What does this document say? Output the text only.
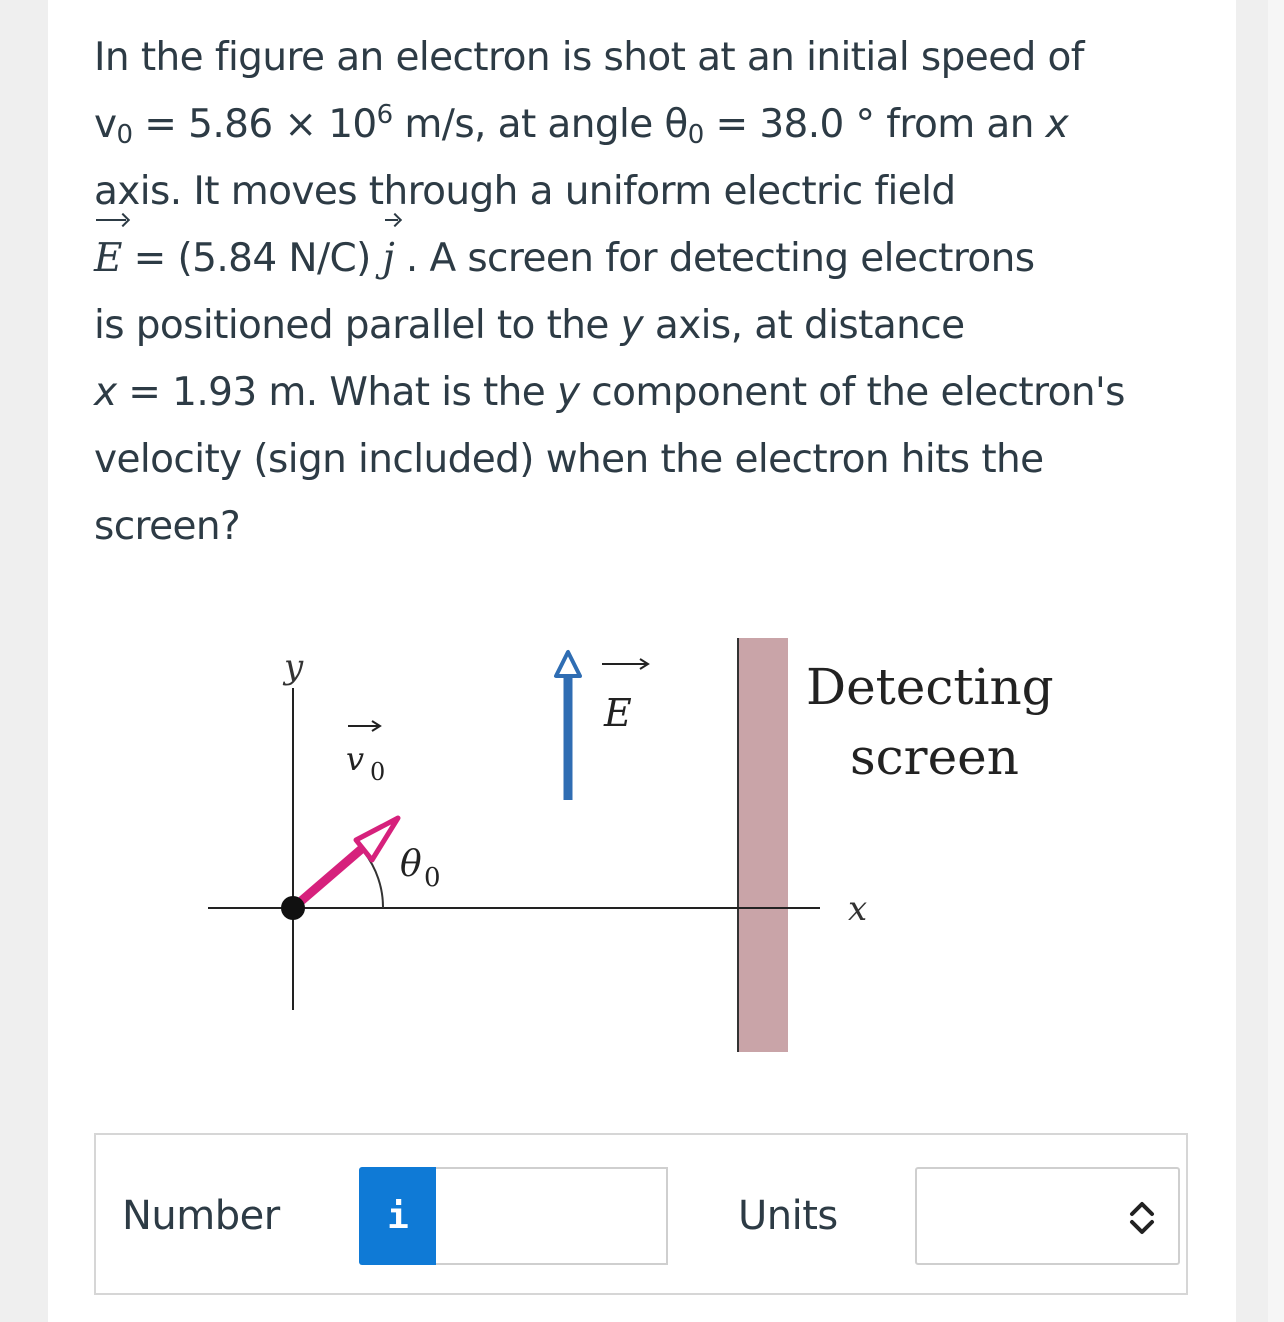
In the figure an electron is shot at an initial speed of
$v_0 = 5.86 \times 10^6$ m/s, at angle $\theta_0 = 38.0$ ° from an x
axis. It moves through a uniform electric field
E = (5.84 N/C) j . A screen for detecting electrons
is positioned parallel to the y axis, at distance
x = 1.93 m. What is the y component of the electron's
velocity (sign included) when the electron hits the
screen?
y
x
v 0
θ 0
E	Detecting
screen
Number	i	Units
